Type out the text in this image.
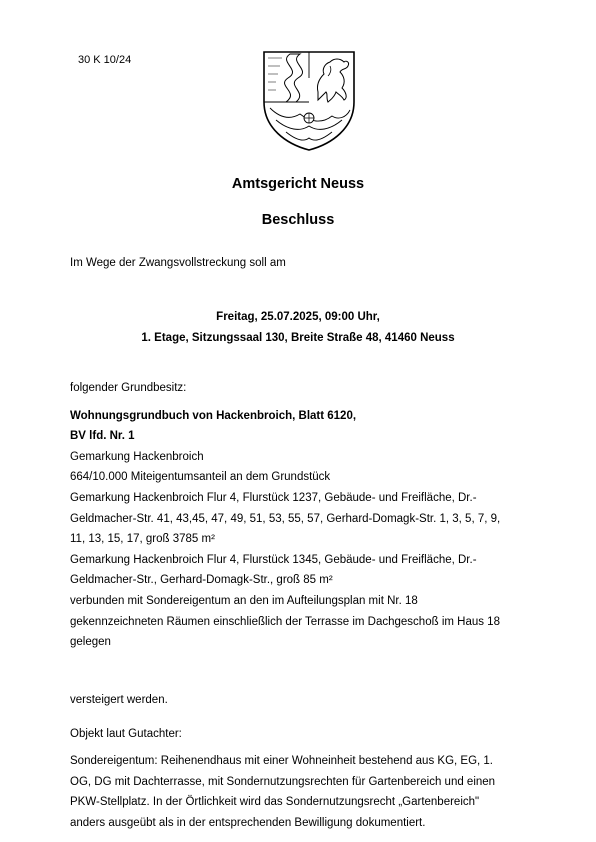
30 K 10/24
Amtsgericht Neuss
Beschluss
Im Wege der Zwangsvollstreckung soll am
Freitag, 25.07.2025, 09:00 Uhr,
1. Etage, Sitzungssaal 130, Breite Straße 48, 41460 Neuss

folgender Grundbesitz:

Wohnungsgrundbuch von Hackenbroich, Blatt 6120,

BV lfd. Nr. 1

Gemarkung Hackenbroich

664/10.000 Miteigentumsanteil an dem Grundstück

Gemarkung Hackenbroich Flur 4, Flurstück 1237, Gebäude- und Freifläche, Dr.-

Geldmacher-Str. 41, 43,45, 47, 49, 51, 53, 55, 57, Gerhard-Domagk-Str. 1, 3, 5, 7, 9,

11, 13, 15, 17, groß 3785 m²

Gemarkung Hackenbroich Flur 4, Flurstück 1345, Gebäude- und Freifläche, Dr.-

Geldmacher-Str., Gerhard-Domagk-Str., groß 85 m²

verbunden mit Sondereigentum an den im Aufteilungsplan mit Nr. 18

gekennzeichneten Räumen einschließlich der Terrasse im Dachgeschoß im Haus 18

gelegen

versteigert werden.

Objekt laut Gutachter:

Sondereigentum: Reihenendhaus mit einer Wohneinheit bestehend aus KG, EG, 1.

OG, DG mit Dachterrasse, mit Sondernutzungsrechten für Gartenbereich und einen

PKW-Stellplatz. In der Örtlichkeit wird das Sondernutzungsrecht „Gartenbereich"

anders ausgeübt als in der entsprechenden Bewilligung dokumentiert.
